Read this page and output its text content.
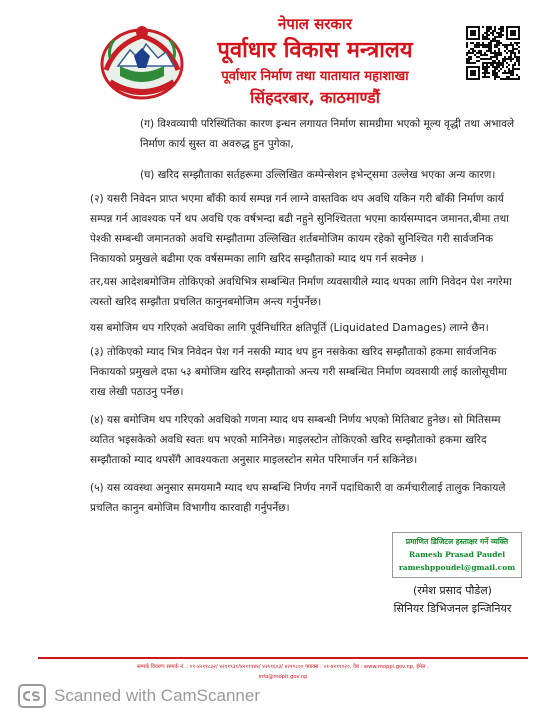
नेपाल सरकार
पूर्वाधार विकास मन्त्रालय
पूर्वाधार निर्माण तथा यातायात महाशाखा
सिंहदरबार, काठमाण्डौं
(ग) विश्वव्यापी परिस्थितिका कारण इन्धन लगायत निर्माण सामग्रीमा भएको मूल्य वृद्धी तथा अभावले
निर्माण कार्य सुस्त वा अवरुद्ध हुन पुगेका,
(घ) खरिद सम्झौताका सर्तहरूमा उल्लिखित कम्पेन्सेशन इभेन्ट्समा उल्लेख भएका अन्य कारण।
(२) यसरी निवेदन प्राप्त भएमा बाँकी कार्य सम्पन्न गर्न लाग्ने वास्तविक थप अवधि यकिन गरी बाँकी निर्माण कार्य
सम्पन्न गर्न आवश्यक पर्ने थप अवधि एक वर्षभन्दा बढी नहुने सुनिश्चितता भएमा कार्यसम्पादन जमानत,बीमा तथा
पेश्की सम्बन्धी जमानतको अवधि सम्झौतामा उल्लिखित शर्तबमोजिम कायम रहेको सुनिश्चित गरी सार्वजनिक
निकायको प्रमुखले बढीमा एक वर्षसम्मका लागि खरिद सम्झौताको म्याद थप गर्न सक्नेछ ।
तर,यस आदेशबमोजिम तोकिएको अवधिभित्र सम्बन्धित निर्माण व्यवसायीले म्याद थपका लागि निवेदन पेश नगरेमा
त्यस्तो खरिद सम्झौता प्रचलित कानुनबमोजिम अन्त्य गर्नुपर्नेछ।
यस बमोजिम थप गरिएको अवधिका लागि पूर्वनिर्धारित क्षतिपूर्ति (Liquidated Damages) लाग्ने छैन।
(३) तोकिएको म्याद भित्र निवेदन पेश गर्न नसकी म्याद थप हुन नसकेका खरिद सम्झौताको हकमा सार्वजनिक
निकायको प्रमुखले दफा ५३ बमोजिम खरिद सम्झौताको अन्त्य गरी सम्बन्धित निर्माण व्यवसायी लाई कालोसूचीमा
राख लेखी पठाउनु पर्नेछ।
(४) यस बमोजिम थप गरिएको अवधिको गणना म्याद थप सम्बन्धी निर्णय भएको मितिबाट हुनेछ। सो मितिसम्म
व्यतित भइसकेको अवधि स्वतः थप भएको मानिनेछ। माइलस्टोन तोकिएको खरिद सम्झौताको हकमा खरिद
सम्झौताको म्याद थपसँगै आवश्यकता अनुसार माइलस्टोन समेत परिमार्जन गर्न सकिनेछ।
(५) यस व्यवस्था अनुसार समयमानै म्याद थप सम्बन्धि निर्णय नगर्ने पदाधिकारी वा कर्मचारीलाई तालुक निकायले
प्रचलित कानुन बमोजिम विभागीय कारवाही गर्नुपर्नेछ।
प्रमाणित डिजिटल हस्ताक्षर गर्ने व्यक्ति
Ramesh Prasad Paudel
rameshppoudel@gmail.com
(रमेश प्रसाद पौडेल)
सिनियर डिभिजनल इन्जिनियर
सम्पर्क विवरणः सम्पर्क नं. : ०१-४२११८३२/ ४२११९३१/४२११९४४/ ४२११६०३/ ४२११८०० फ्याक्स : ०१-४२११०२०, वेब : www.moppi.gov.np, ईमेल :
info@mopit.gov.np
Scanned with CamScanner
